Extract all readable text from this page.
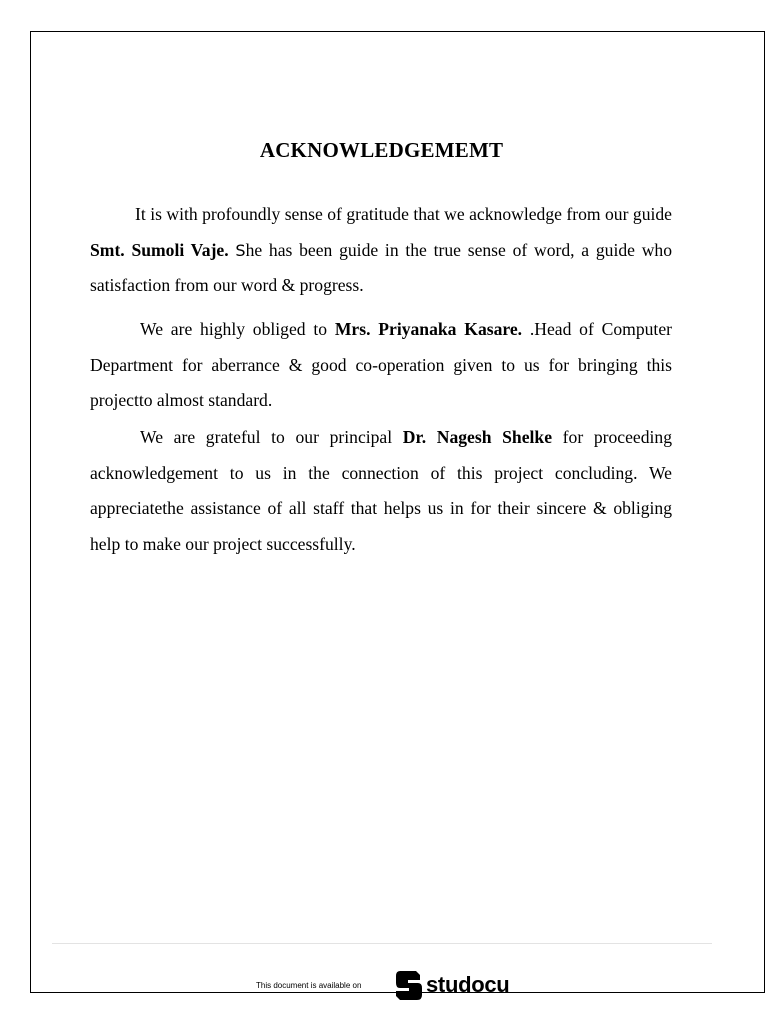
ACKNOWLEDGEMEMT

It is with profoundly sense of gratitude that we acknowledge from our guide Smt. Sumoli Vaje. She has been guide in the true sense of word, a guide who satisfaction from our word & progress.

We are highly obliged to Mrs. Priyanaka Kasare. .Head of Computer Department for aberrance & good co-operation given to us for bringing this projectto almost standard.

We are grateful to our principal Dr. Nagesh Shelke for proceeding acknowledgement to us in the connection of this project concluding. We appreciatethe assistance of all staff that helps us in for their sincere & obliging help to make our project successfully.

This document is available on	studocu
